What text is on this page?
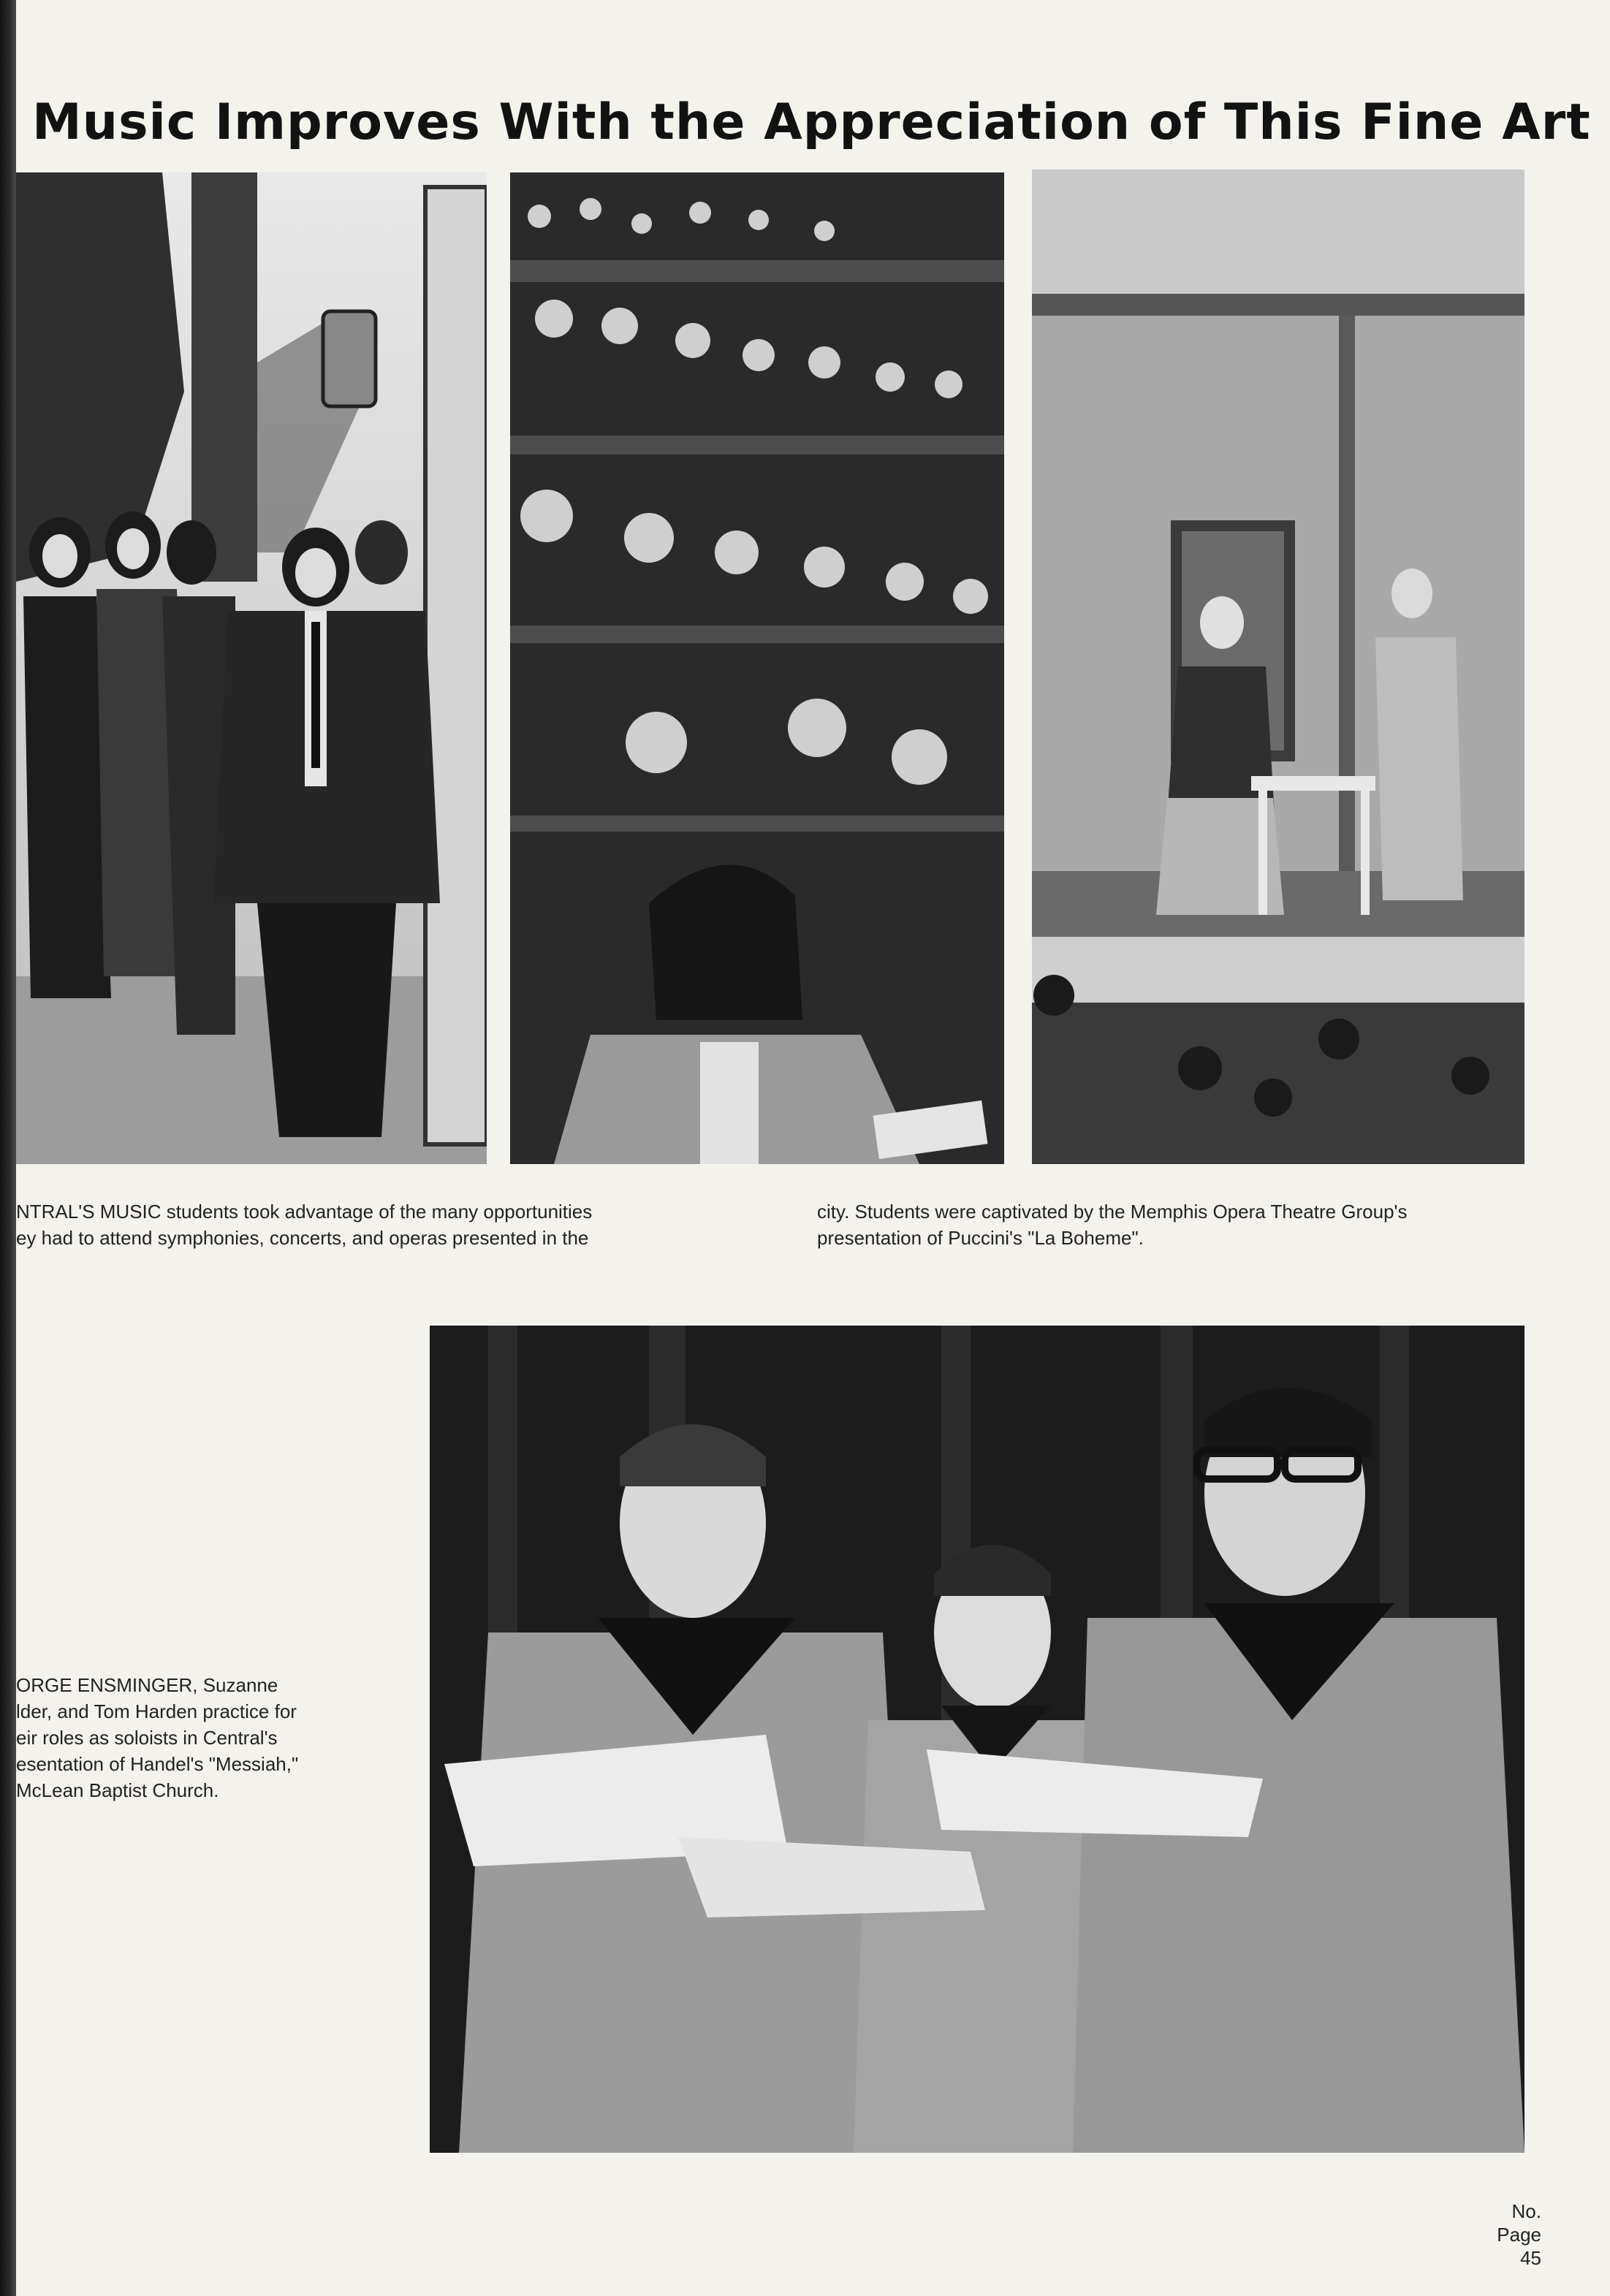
Music Improves With the Appreciation of This Fine Art
NTRAL'S MUSIC students took advantage of the many opportunities
ey had to attend symphonies, concerts, and operas presented in the
city. Students were captivated by the Memphis Opera Theatre Group's
presentation of Puccini's "La Boheme".
ORGE ENSMINGER, Suzanne
lder, and Tom Harden practice for
eir roles as soloists in Central's
esentation of Handel's "Messiah,"
McLean Baptist Church.
No.
Page
45
